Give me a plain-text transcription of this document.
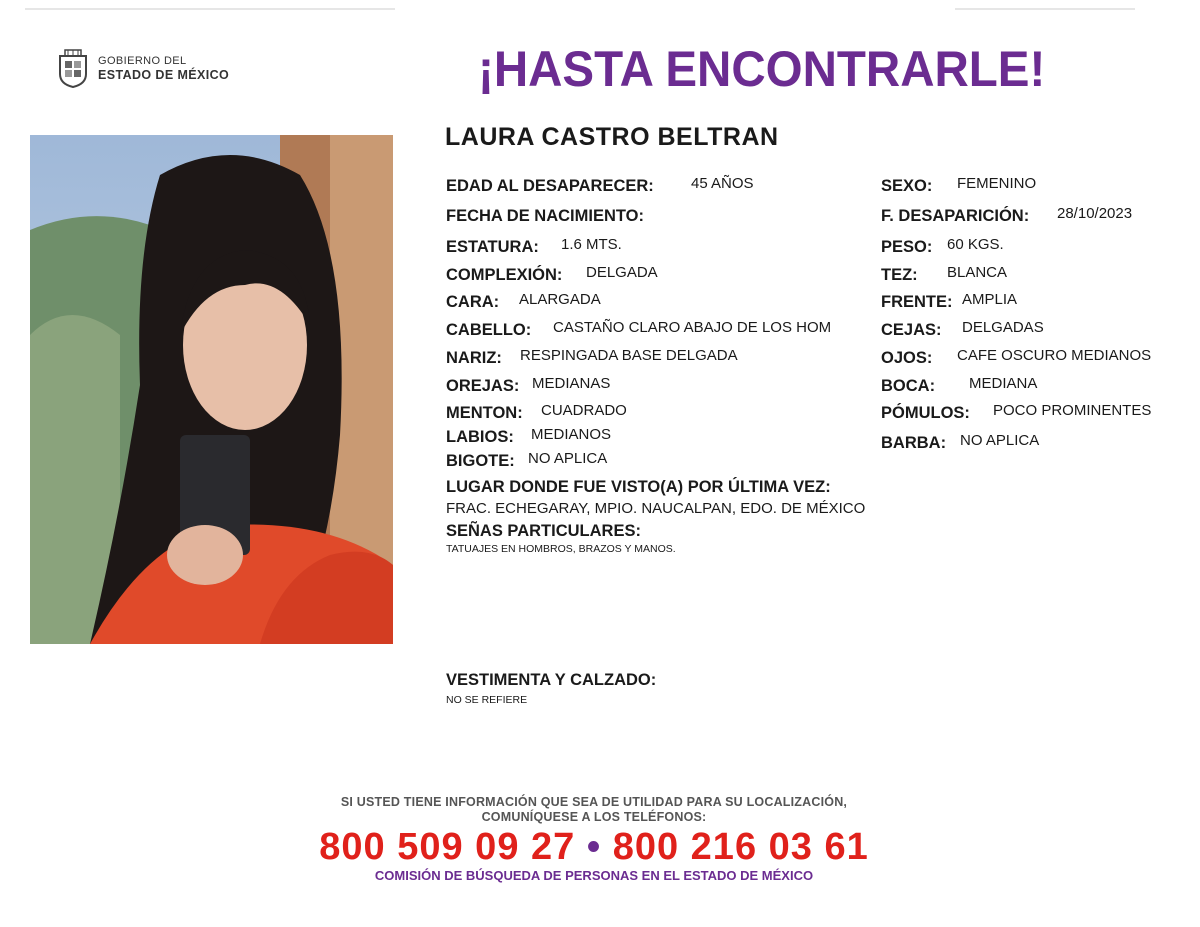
GOBIERNO DEL
ESTADO DE MÉXICO	¡HASTA ENCONTRARLE!
LAURA CASTRO BELTRAN
EDAD AL DESAPARECER: 45 AÑOS
FECHA DE NACIMIENTO:
ESTATURA: 1.6 MTS.
COMPLEXIÓN: DELGADA
CARA: ALARGADA
CABELLO: CASTAÑO CLARO ABAJO DE LOS HOM
NARIZ: RESPINGADA BASE DELGADA
OREJAS: MEDIANAS
MENTON: CUADRADO
LABIOS: MEDIANOS
BIGOTE: NO APLICA
SEXO: FEMENINO
F. DESAPARICIÓN: 28/10/2023
PESO: 60 KGS.
TEZ: BLANCA
FRENTE: AMPLIA
CEJAS: DELGADAS
OJOS: CAFE OSCURO MEDIANOS
BOCA: MEDIANA
PÓMULOS: POCO PROMINENTES
BARBA: NO APLICA
LUGAR DONDE FUE VISTO(A) POR ÚLTIMA VEZ:
FRAC. ECHEGARAY, MPIO. NAUCALPAN, EDO. DE MÉXICO
SEÑAS PARTICULARES:
TATUAJES EN HOMBROS, BRAZOS Y MANOS.
VESTIMENTA Y CALZADO:
NO SE REFIERE
SI USTED TIENE INFORMACIÓN QUE SEA DE UTILIDAD PARA SU LOCALIZACIÓN,
COMUNÍQUESE A LOS TELÉFONOS:
800 509 09 27 • 800 216 03 61
COMISIÓN DE BÚSQUEDA DE PERSONAS EN EL ESTADO DE MÉXICO
